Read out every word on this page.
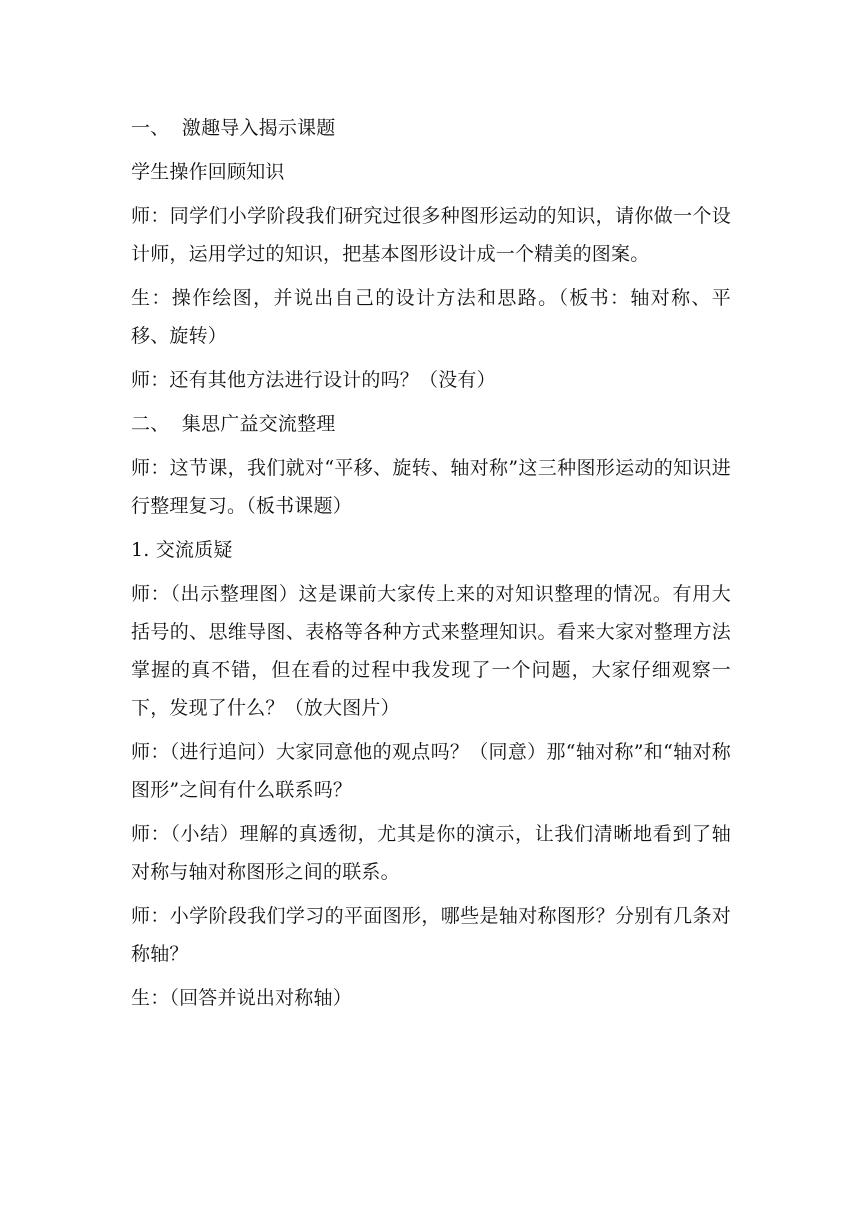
一、  激趣导入揭示课题

学生操作回顾知识

师：同学们小学阶段我们研究过很多种图形运动的知识，请你做一个设计师，运用学过的知识，把基本图形设计成一个精美的图案。

生：操作绘图，并说出自己的设计方法和思路。（板书：轴对称、平移、旋转）

师：还有其他方法进行设计的吗？（没有）

二、  集思广益交流整理

师：这节课，我们就对“平移、旋转、轴对称”这三种图形运动的知识进行整理复习。（板书课题）

1. 交流质疑

师：（出示整理图）这是课前大家传上来的对知识整理的情况。有用大括号的、思维导图、表格等各种方式来整理知识。看来大家对整理方法掌握的真不错，但在看的过程中我发现了一个问题，大家仔细观察一下，发现了什么？（放大图片）

师：（进行追问）大家同意他的观点吗？（同意）那“轴对称”和“轴对称图形”之间有什么联系吗？

师：（小结）理解的真透彻，尤其是你的演示，让我们清晰地看到了轴对称与轴对称图形之间的联系。

师：小学阶段我们学习的平面图形，哪些是轴对称图形？分别有几条对称轴？

生：（回答并说出对称轴）
